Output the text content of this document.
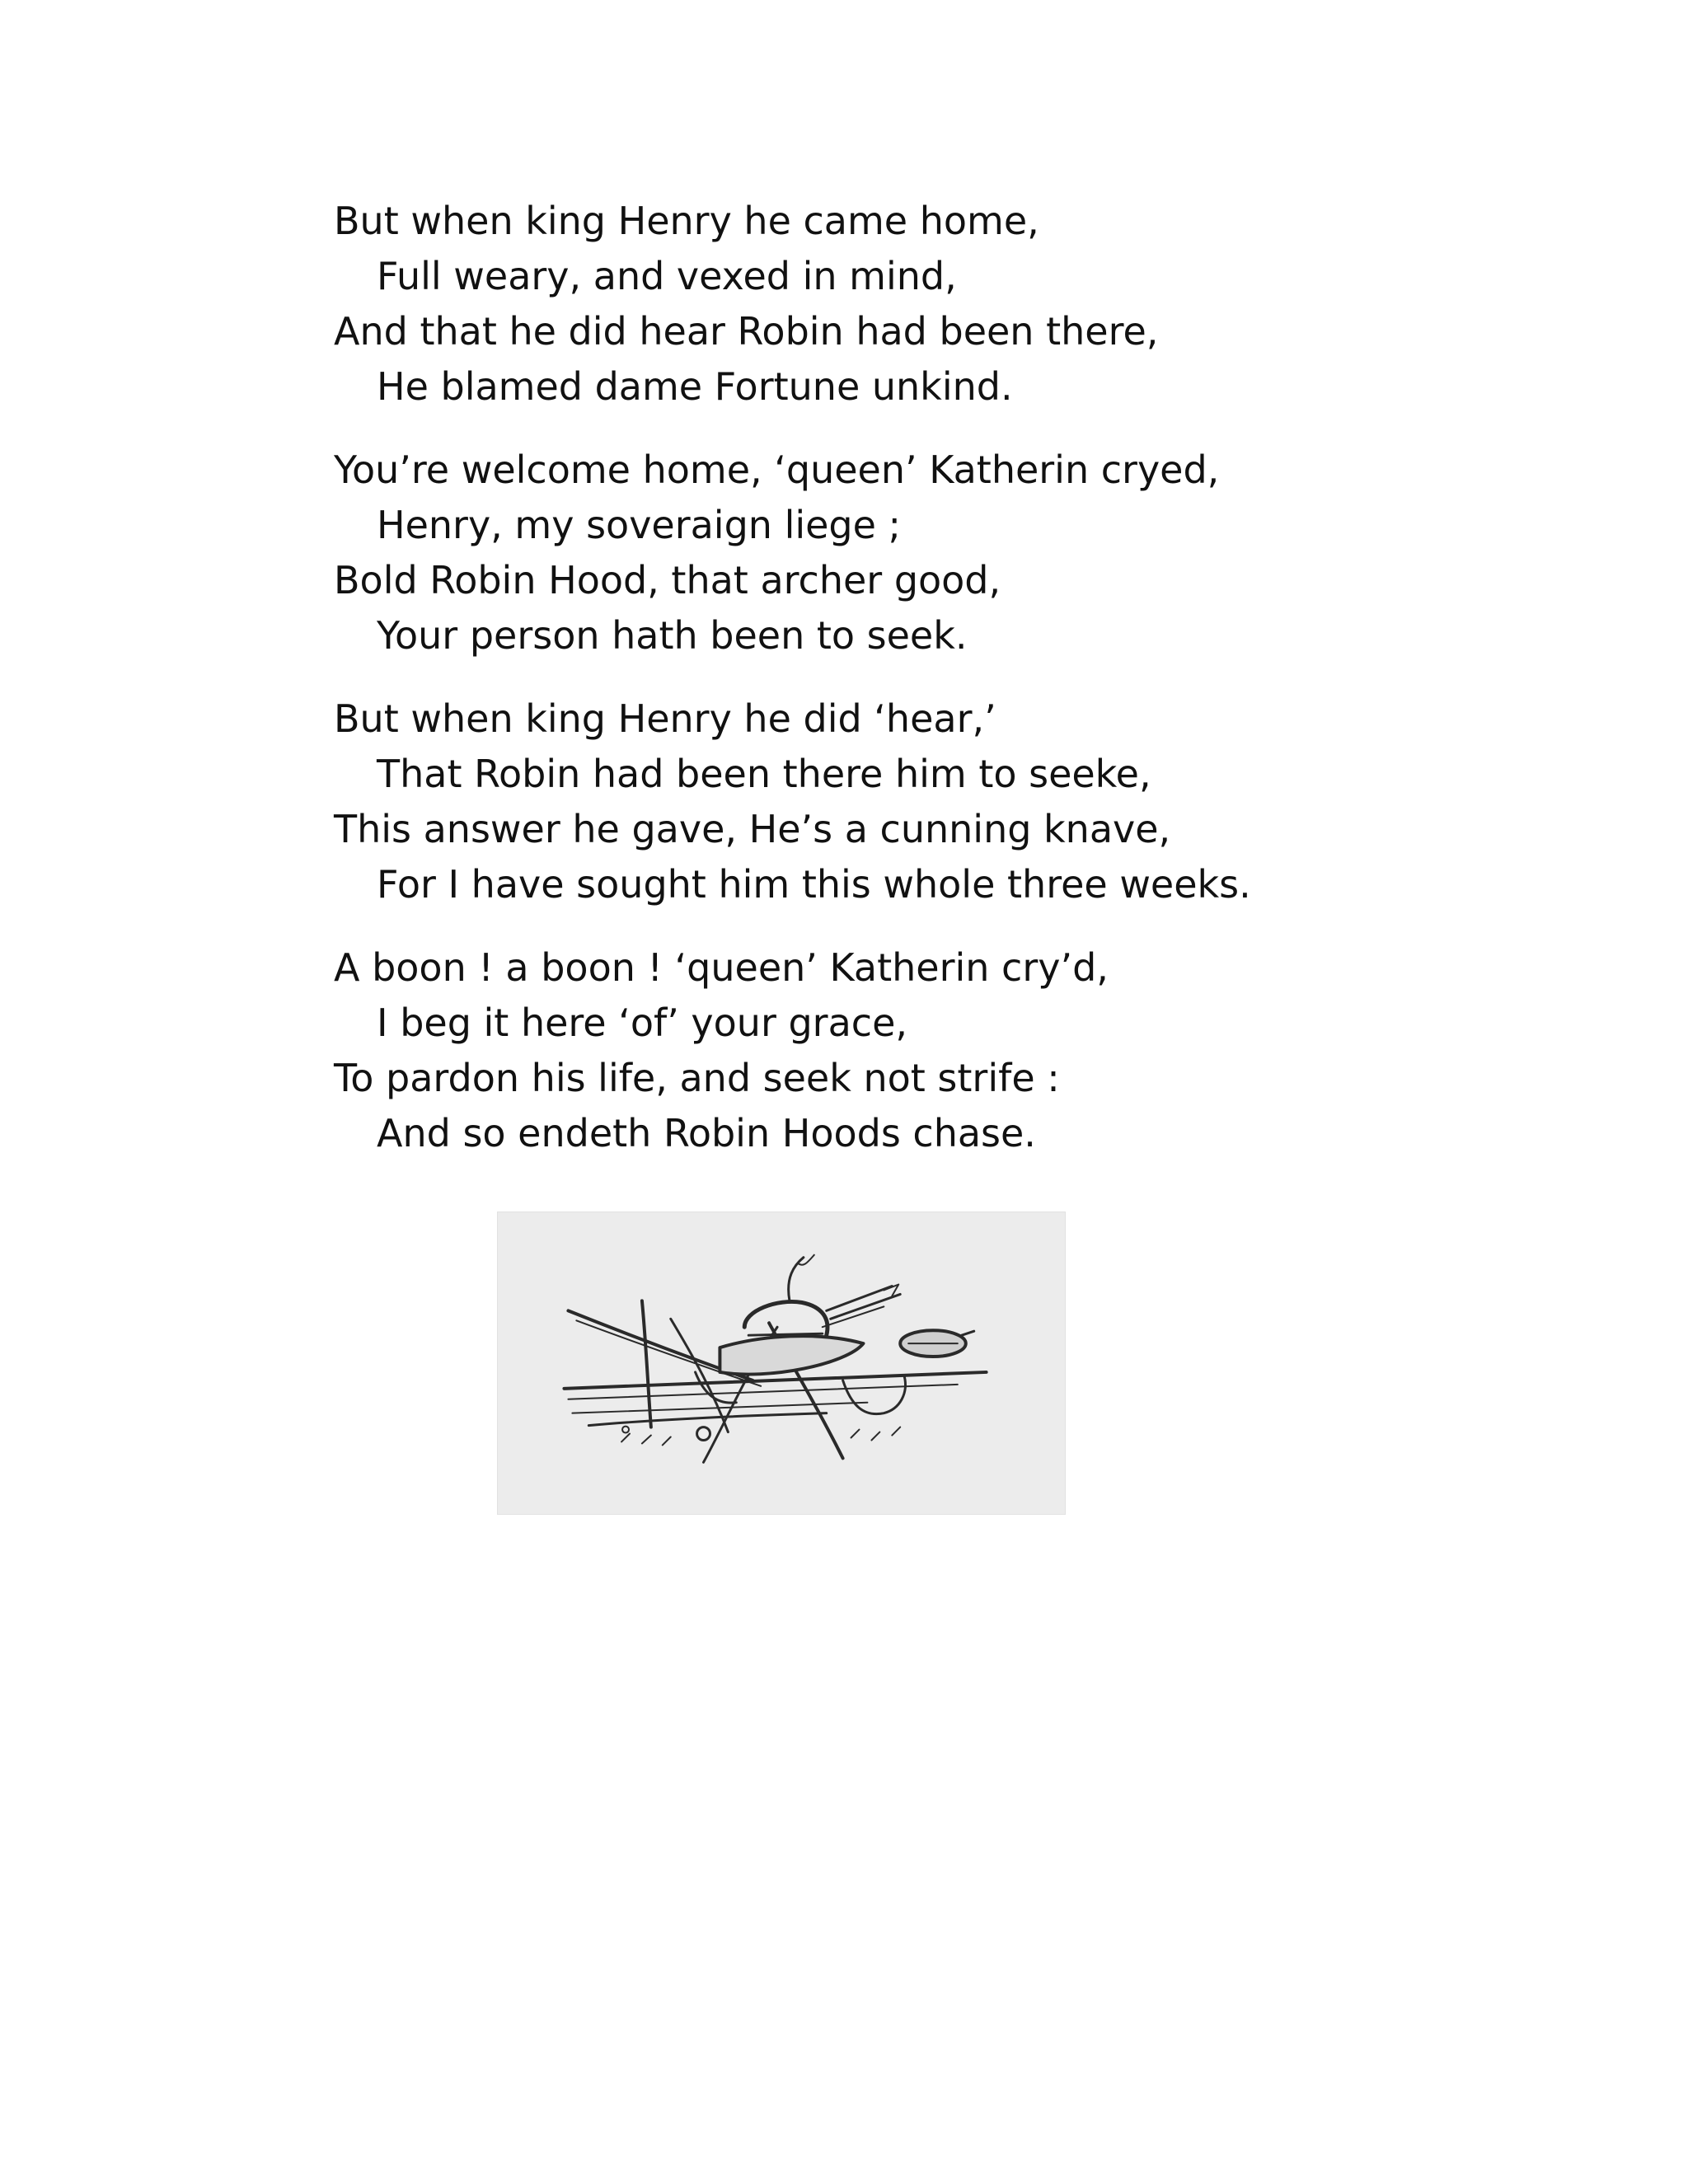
But when king Henry he came home,
Full weary, and vexed in mind,
And that he did hear Robin had been there,
He blamed dame Fortune unkind.
You’re welcome home, ‘queen’ Katherin cryed,
Henry, my soveraign liege ;
Bold Robin Hood, that archer good,
Your person hath been to seek.
But when king Henry he did ‘hear,’
That Robin had been there him to seeke,
This answer he gave, He’s a cunning knave,
For I have sought him this whole three weeks.
A boon ! a boon ! ‘queen’ Katherin cry’d,
I beg it here ‘of’ your grace,
To pardon his life, and seek not strife :
And so endeth Robin Hoods chase.
